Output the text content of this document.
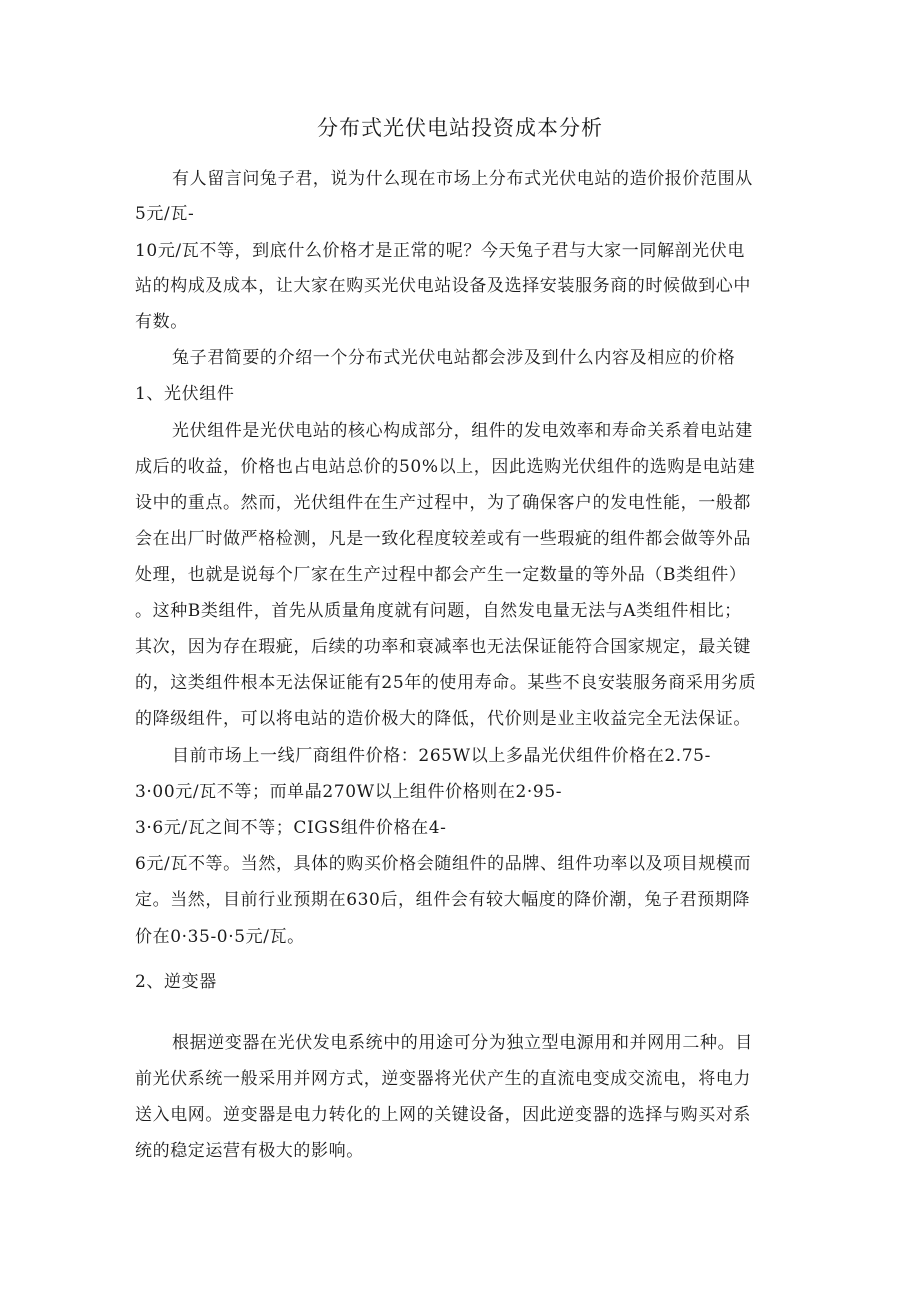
分布式光伏电站投资成本分析
有人留言问兔子君，说为什么现在市场上分布式光伏电站的造价报价范围从
5元/瓦-
10元/瓦不等，到底什么价格才是正常的呢？今天兔子君与大家一同解剖光伏电
站的构成及成本，让大家在购买光伏电站设备及选择安装服务商的时候做到心中
有数。
兔子君简要的介绍一个分布式光伏电站都会涉及到什么内容及相应的价格
1、光伏组件
光伏组件是光伏电站的核心构成部分，组件的发电效率和寿命关系着电站建
成后的收益，价格也占电站总价的50%以上，因此选购光伏组件的选购是电站建
设中的重点。然而，光伏组件在生产过程中，为了确保客户的发电性能，一般都
会在出厂时做严格检测，凡是一致化程度较差或有一些瑕疵的组件都会做等外品
处理，也就是说每个厂家在生产过程中都会产生一定数量的等外品（B类组件）
。这种B类组件，首先从质量角度就有问题，自然发电量无法与A类组件相比；
其次，因为存在瑕疵，后续的功率和衰减率也无法保证能符合国家规定，最关键
的，这类组件根本无法保证能有25年的使用寿命。某些不良安装服务商采用劣质
的降级组件，可以将电站的造价极大的降低，代价则是业主收益完全无法保证。
目前市场上一线厂商组件价格：265W以上多晶光伏组件价格在2.75-
3·00元/瓦不等；而单晶270W以上组件价格则在2·95-
3·6元/瓦之间不等；CIGS组件价格在4-
6元/瓦不等。当然，具体的购买价格会随组件的品牌、组件功率以及项目规模而
定。当然，目前行业预期在630后，组件会有较大幅度的降价潮，兔子君预期降
价在0·35-0·5元/瓦。
2、逆变器
根据逆变器在光伏发电系统中的用途可分为独立型电源用和并网用二种。目
前光伏系统一般采用并网方式，逆变器将光伏产生的直流电变成交流电，将电力
送入电网。逆变器是电力转化的上网的关键设备，因此逆变器的选择与购买对系
统的稳定运营有极大的影响。
